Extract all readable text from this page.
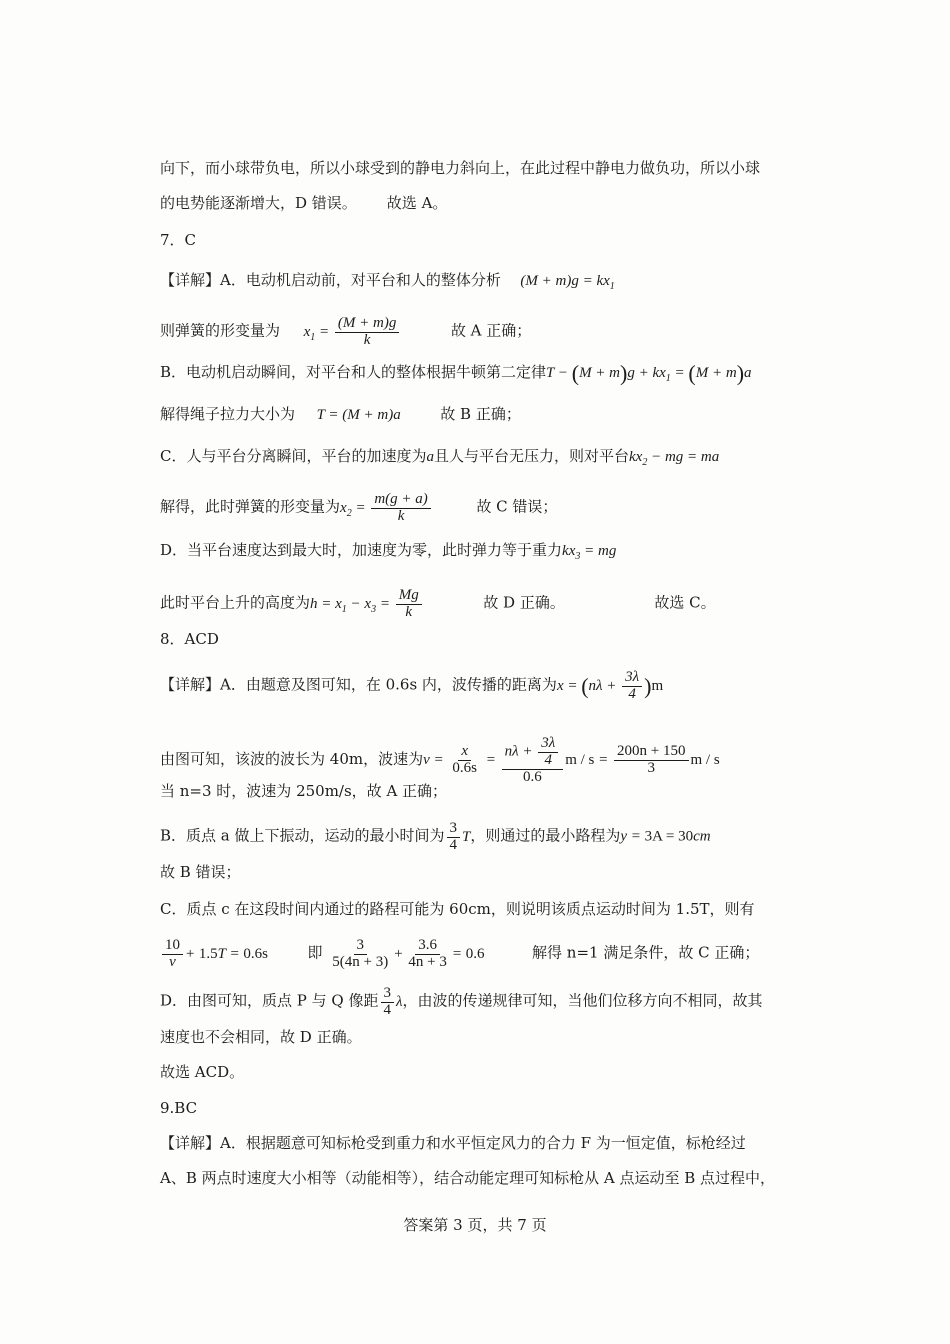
向下，而小球带负电，所以小球受到的静电力斜向上，在此过程中静电力做负功，所以小球
的电势能逐渐增大，D 错误。 故选 A。
7．C
【详解】A．电动机启动前，对平台和人的整体分析 $(M + m)g = kx_1$
则弹簧的形变量为 $x_1 = \frac{(M + m)g}{k}$	故 A 正确；
B．电动机启动瞬间，对平台和人的整体根据牛顿第二定律$T - (M + m)g + kx_1 = (M + m)a$
解得绳子拉力大小为 T = (M + m)a	故 B 正确；
C．人与平台分离瞬间，平台的加速度为a且人与平台无压力，则对平台$kx_2$ − mg = ma
解得，此时弹簧的形变量为$x_2 = \frac{m(g + a)}{k}$	故 C 错误；
D．当平台速度达到最大时，加速度为零，此时弹力等于重力$kx_3$ = mg
此时平台上升的高度为$h = x_1 - x_3 = \frac{Mg}{k}$	故 D 正确。	故选 C。
8．ACD
【详解】A．由题意及图可知，在 0.6s 内，波传播的距离为$x = (n\lambda + \frac{3\lambda}{4} )m$
由图可知，该波的波长为 40m，波速为$v = \frac{x}{0.6s} = \frac{n\lambda + \frac{3\lambda}{4}}{0.6}$ $m / s = \frac{200n + 150}{3}$ m / s
当 n=3 时，波速为 250m/s，故 A 正确；
B．质点 a 做上下振动，运动的最小时间为 $\frac{3}{4}$ T，则通过的最小路程为y = 3A = 30cm
故 B 错误；
C．质点 c 在这段时间内通过的路程可能为 60cm，则说明该质点运动时间为 1.5T，则有
$\frac{10}{v} + 1.5T = 0.6s$	即 $\frac{3}{5(4n + 3)} + \frac{3.6}{4n + 3} = 0.6$	解得 n=1 满足条件，故 C 正确；
D．由图可知，质点 P 与 Q 像距 $\frac{3}{4}$ λ，由波的传递规律可知，当他们位移方向不相同，故其
速度也不会相同，故 D 正确。
故选 ACD。
9.BC
【详解】A．根据题意可知标枪受到重力和水平恒定风力的合力 F 为一恒定值，标枪经过
A、B 两点时速度大小相等（动能相等），结合动能定理可知标枪从 A 点运动至 B 点过程中，
答案第 3 页，共 7 页
